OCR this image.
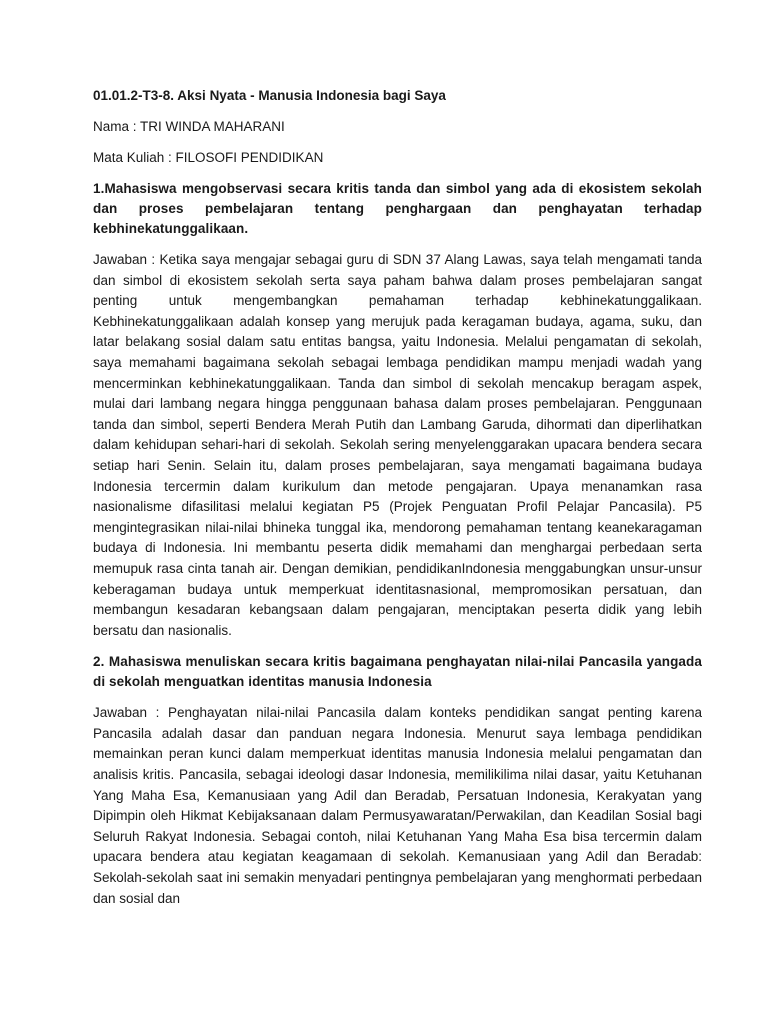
01.01.2-T3-8. Aksi Nyata - Manusia Indonesia bagi Saya

Nama : TRI WINDA MAHARANI

Mata Kuliah : FILOSOFI PENDIDIKAN

1.Mahasiswa mengobservasi secara kritis tanda dan simbol yang ada di ekosistem sekolah dan proses pembelajaran tentang penghargaan dan penghayatan terhadap kebhinekatunggalikaan.

Jawaban : Ketika saya mengajar sebagai guru di SDN 37 Alang Lawas, saya telah mengamati tanda dan simbol di ekosistem sekolah serta saya paham bahwa dalam proses pembelajaran sangat penting untuk mengembangkan pemahaman terhadap kebhinekatunggalikaan. Kebhinekatunggalikaan adalah konsep yang merujuk pada keragaman budaya, agama, suku, dan latar belakang sosial dalam satu entitas bangsa, yaitu Indonesia. Melalui pengamatan di sekolah, saya memahami bagaimana sekolah sebagai lembaga pendidikan mampu menjadi wadah yang mencerminkan kebhinekatunggalikaan. Tanda dan simbol di sekolah mencakup beragam aspek, mulai dari lambang negara hingga penggunaan bahasa dalam proses pembelajaran. Penggunaan tanda dan simbol, seperti Bendera Merah Putih dan Lambang Garuda, dihormati dan diperlihatkan dalam kehidupan sehari-hari di sekolah. Sekolah sering menyelenggarakan upacara bendera secara setiap hari Senin. Selain itu, dalam proses pembelajaran, saya mengamati bagaimana budaya Indonesia tercermin dalam kurikulum dan metode pengajaran. Upaya menanamkan rasa nasionalisme difasilitasi melalui kegiatan P5 (Projek Penguatan Profil Pelajar Pancasila). P5 mengintegrasikan nilai-nilai bhineka tunggal ika, mendorong pemahaman tentang keanekaragaman budaya di Indonesia. Ini membantu peserta didik memahami dan menghargai perbedaan serta memupuk rasa cinta tanah air. Dengan demikian, pendidikanIndonesia menggabungkan unsur-unsur keberagaman budaya untuk memperkuat identitasnasional, mempromosikan persatuan, dan membangun kesadaran kebangsaan dalam pengajaran, menciptakan peserta didik yang lebih bersatu dan nasionalis.

2. Mahasiswa menuliskan secara kritis bagaimana penghayatan nilai-nilai Pancasila yangada di sekolah menguatkan identitas manusia Indonesia

Jawaban : Penghayatan nilai-nilai Pancasila dalam konteks pendidikan sangat penting karena Pancasila adalah dasar dan panduan negara Indonesia. Menurut saya lembaga pendidikan memainkan peran kunci dalam memperkuat identitas manusia Indonesia melalui pengamatan dan analisis kritis. Pancasila, sebagai ideologi dasar Indonesia, memilikilima nilai dasar, yaitu Ketuhanan Yang Maha Esa, Kemanusiaan yang Adil dan Beradab, Persatuan Indonesia, Kerakyatan yang Dipimpin oleh Hikmat Kebijaksanaan dalam Permusyawaratan/Perwakilan, dan Keadilan Sosial bagi Seluruh Rakyat Indonesia. Sebagai contoh, nilai Ketuhanan Yang Maha Esa bisa tercermin dalam upacara bendera atau kegiatan keagamaan di sekolah. Kemanusiaan yang Adil dan Beradab: Sekolah-sekolah saat ini semakin menyadari pentingnya pembelajaran yang menghormati perbedaan dan sosial dan
